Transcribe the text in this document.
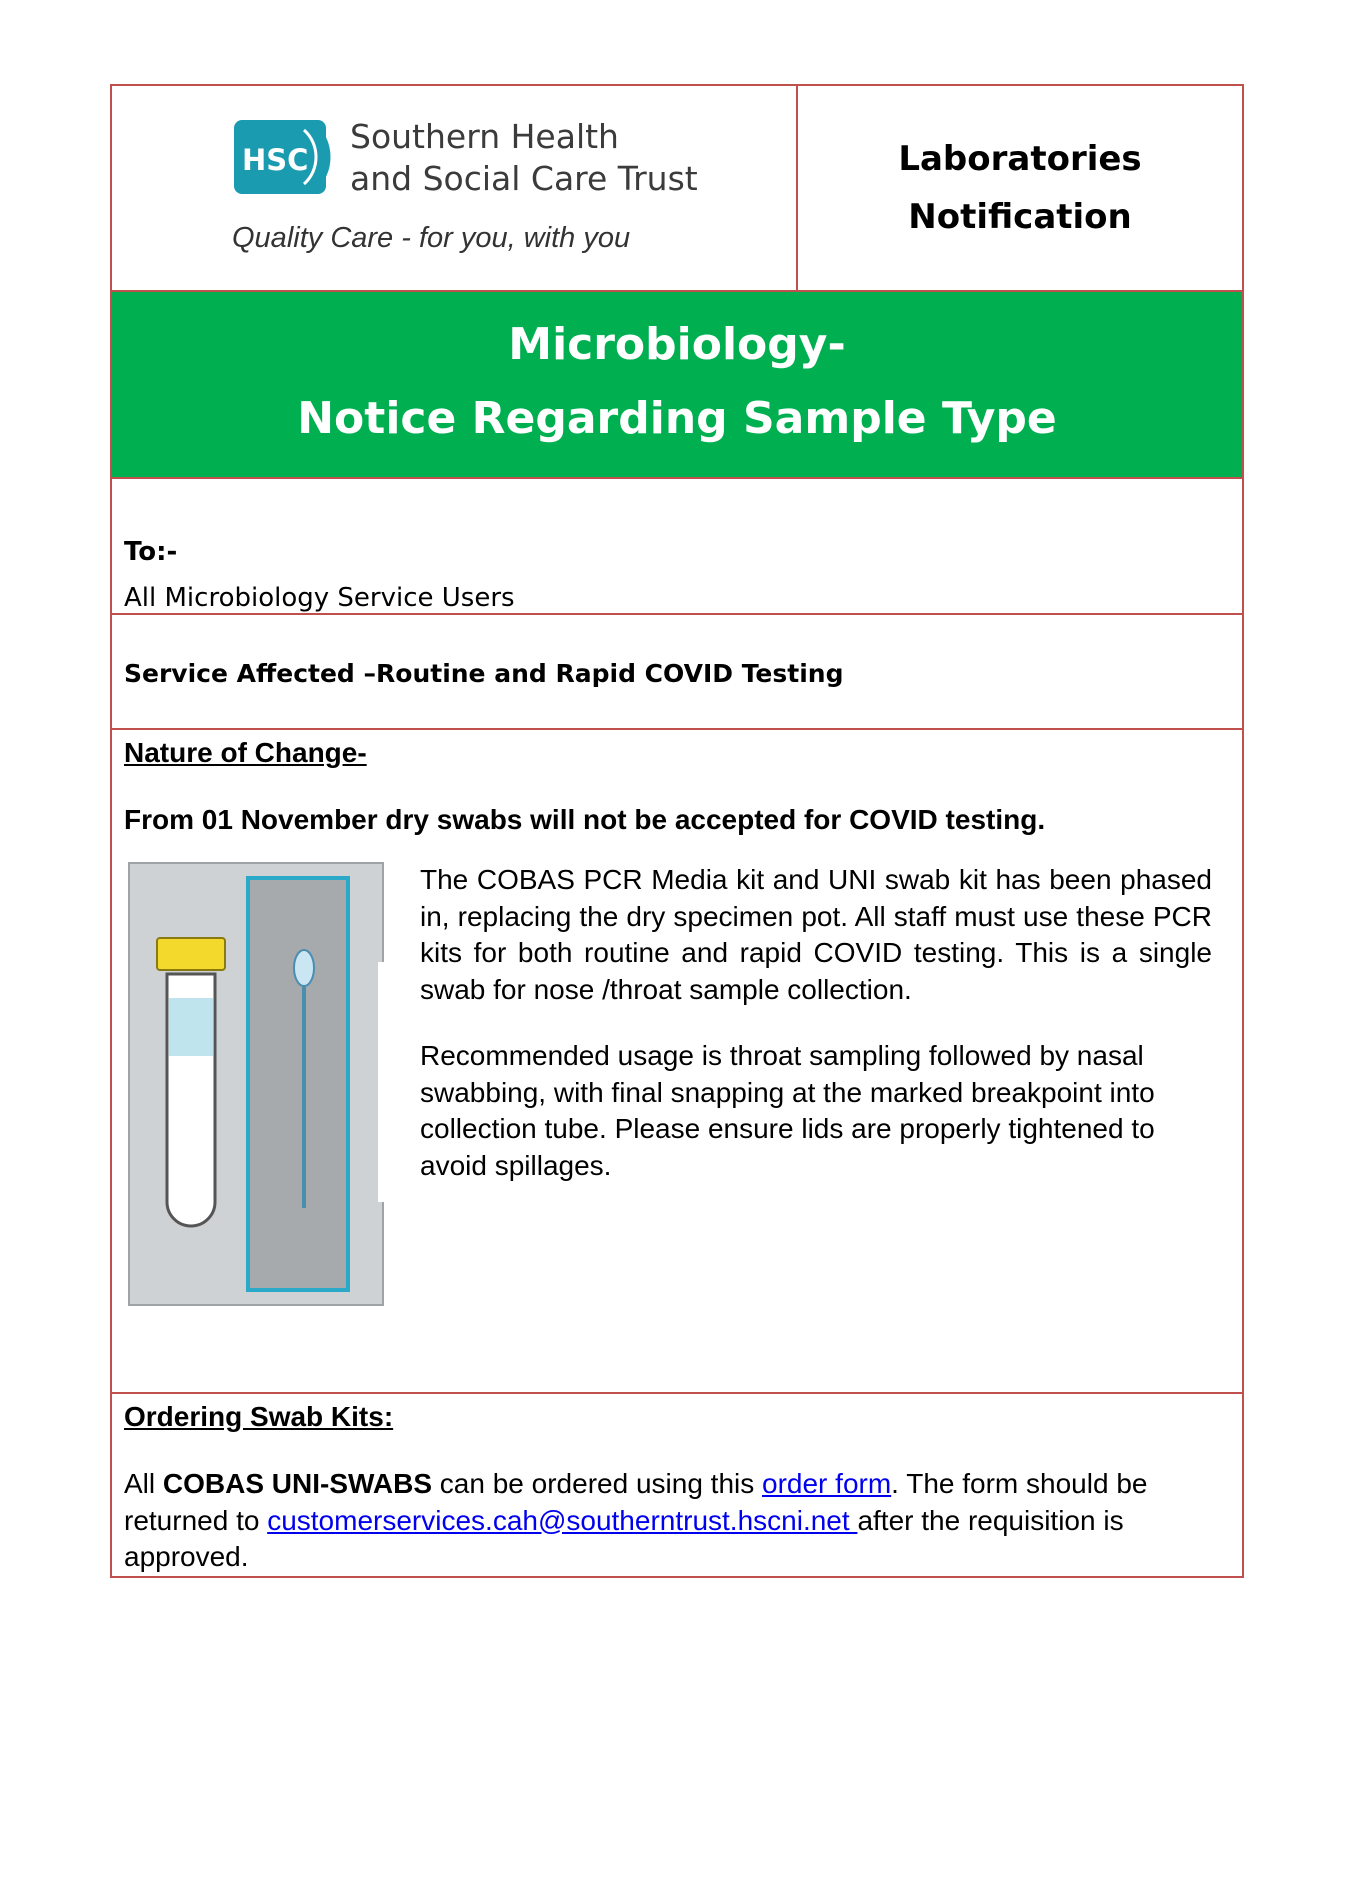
HSC
Southern Health
and Social Care Trust
Quality Care - for you, with you
Laboratories
Notification
Microbiology-
Notice Regarding Sample Type
To:-
All Microbiology Service Users
Service Affected –Routine and Rapid COVID Testing
Nature of Change-
From 01 November dry swabs will not be accepted for COVID testing.

The COBAS PCR Media kit and UNI swab kit has been phased in, replacing the dry specimen pot. All staff must use these PCR kits for both routine and rapid COVID testing. This is a single swab for nose /throat sample collection.

Recommended usage is throat sampling followed by nasal swabbing, with final snapping at the marked breakpoint into collection tube. Please ensure lids are properly tightened to avoid spillages.

Ordering Swab Kits:
All COBAS UNI-SWABS can be ordered using this order form. The form should be returned to customerservices.cah@southerntrust.hscni.net after the requisition is approved.
